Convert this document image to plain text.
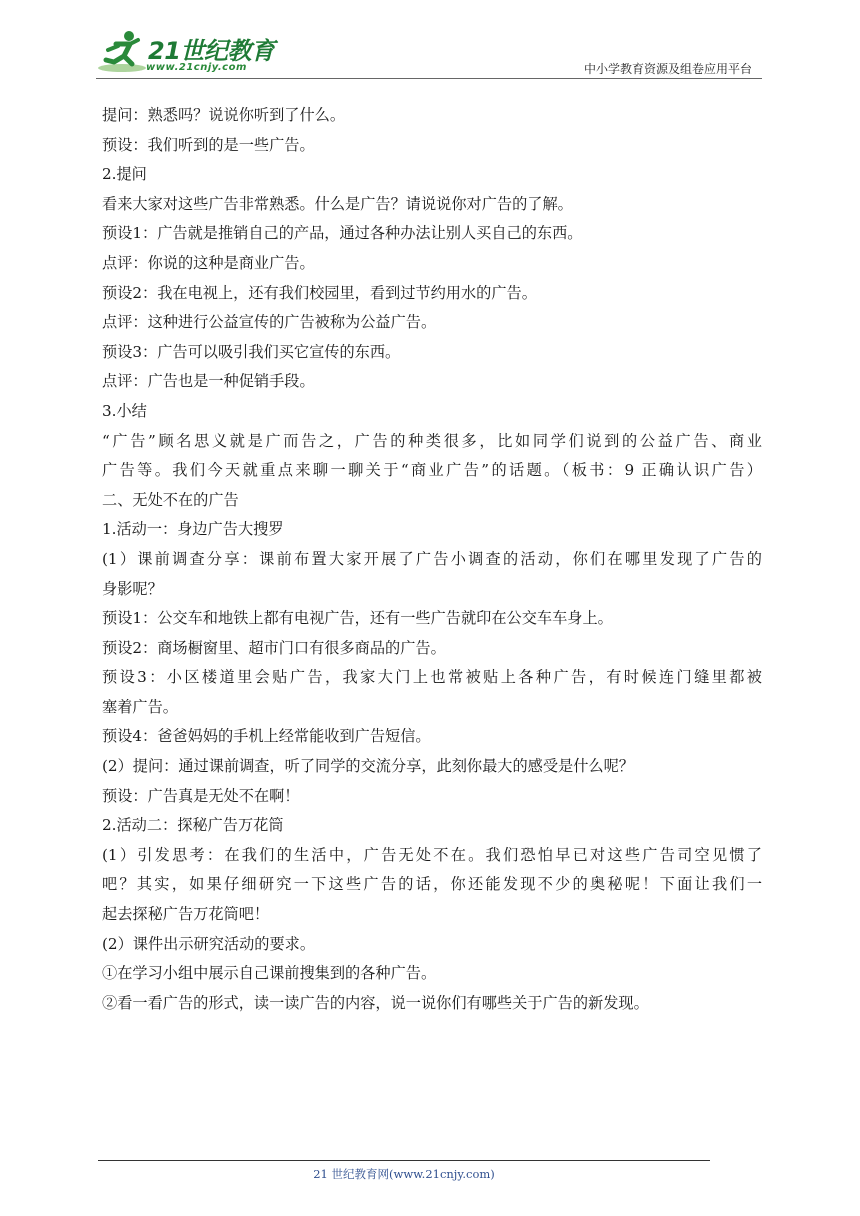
21世纪教育
www.21cnjy.com	中小学教育资源及组卷应用平台
提问：熟悉吗？说说你听到了什么。
预设：我们听到的是一些广告。
2.提问
看来大家对这些广告非常熟悉。什么是广告？请说说你对广告的了解。
预设1：广告就是推销自己的产品，通过各种办法让别人买自己的东西。
点评：你说的这种是商业广告。
预设2：我在电视上，还有我们校园里，看到过节约用水的广告。
点评：这种进行公益宣传的广告被称为公益广告。
预设3：广告可以吸引我们买它宣传的东西。
点评：广告也是一种促销手段。
3.小结
“广告”顾名思义就是广而告之，广告的种类很多，比如同学们说到的公益广告、商业
广告等。我们今天就重点来聊一聊关于“商业广告”的话题。（板书：9 正确认识广告）
二、无处不在的广告
1.活动一：身边广告大搜罗
(1）课前调查分享：课前布置大家开展了广告小调查的活动，你们在哪里发现了广告的
身影呢？
预设1：公交车和地铁上都有电视广告，还有一些广告就印在公交车车身上。
预设2：商场橱窗里、超市门口有很多商品的广告。
预设3：小区楼道里会贴广告，我家大门上也常被贴上各种广告，有时候连门缝里都被
塞着广告。
预设4：爸爸妈妈的手机上经常能收到广告短信。
(2）提问：通过课前调查，听了同学的交流分享，此刻你最大的感受是什么呢？
预设：广告真是无处不在啊！
2.活动二：探秘广告万花筒
(1）引发思考：在我们的生活中，广告无处不在。我们恐怕早已对这些广告司空见惯了
吧？其实，如果仔细研究一下这些广告的话，你还能发现不少的奥秘呢！下面让我们一
起去探秘广告万花筒吧！
(2）课件出示研究活动的要求。
①在学习小组中展示自己课前搜集到的各种广告。
②看一看广告的形式，读一读广告的内容，说一说你们有哪些关于广告的新发现。
21 世纪教育网(www.21cnjy.com)
